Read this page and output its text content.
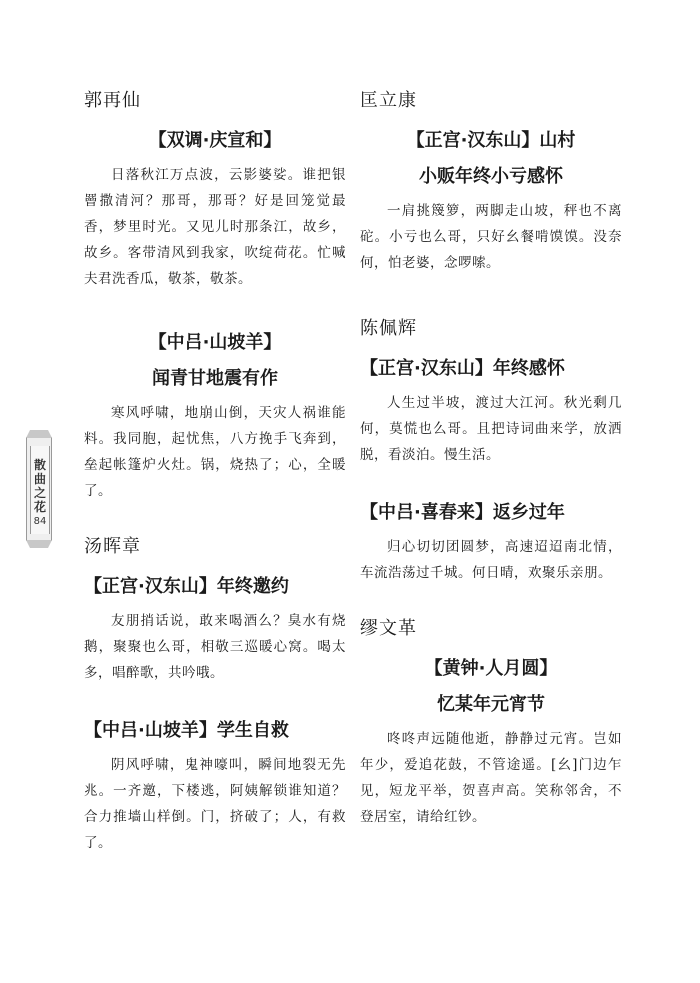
散
曲
之
花
84
郭再仙
【双调·庆宣和】

日落秋江万点波，云影婆娑。谁把银罾撒清河？那哥，那哥？好是回笼觉最香，梦里时光。又见儿时那条江，故乡，故乡。客带清风到我家，吹绽荷花。忙喊夫君洗香瓜，敬茶，敬茶。

【中吕·山坡羊】
闻青甘地震有作

寒风呼啸，地崩山倒，天灾人祸谁能料。我同胞，起忧焦，八方挽手飞奔到，垒起帐篷炉火灶。锅，烧热了；心，全暖了。

汤晖章
【正宫·汉东山】年终邀约

友朋捎话说，敢来喝酒么？臭水有烧鹅，聚聚也么哥，相敬三巡暖心窝。喝太多，唱醉歌，共吟哦。

【中吕·山坡羊】学生自救

阴风呼啸，鬼神嚎叫，瞬间地裂无先兆。一齐邀，下楼逃，阿姨解锁谁知道？合力推墙山样倒。门，挤破了；人，有救了。

匡立康
【正宫·汉东山】山村
小贩年终小亏感怀

一肩挑篾箩，两脚走山坡，秤也不离砣。小亏也么哥，只好幺餐啃馍馍。没奈何，怕老婆，念啰嗦。

陈佩辉
【正宫·汉东山】年终感怀

人生过半坡，渡过大江河。秋光剩几何，莫慌也么哥。且把诗词曲来学，放洒脱，看淡泊。慢生活。

【中吕·喜春来】返乡过年

归心切切团圆梦，高速迢迢南北情，车流浩荡过千城。何日晴，欢聚乐亲朋。

缪文革
【黄钟·人月圆】
忆某年元宵节

咚咚声远随他逝，静静过元宵。岂如年少，爱追花鼓，不管途遥。[幺]门边乍见，短龙平举，贺喜声高。笑称邻舍，不登居室，请给红钞。
